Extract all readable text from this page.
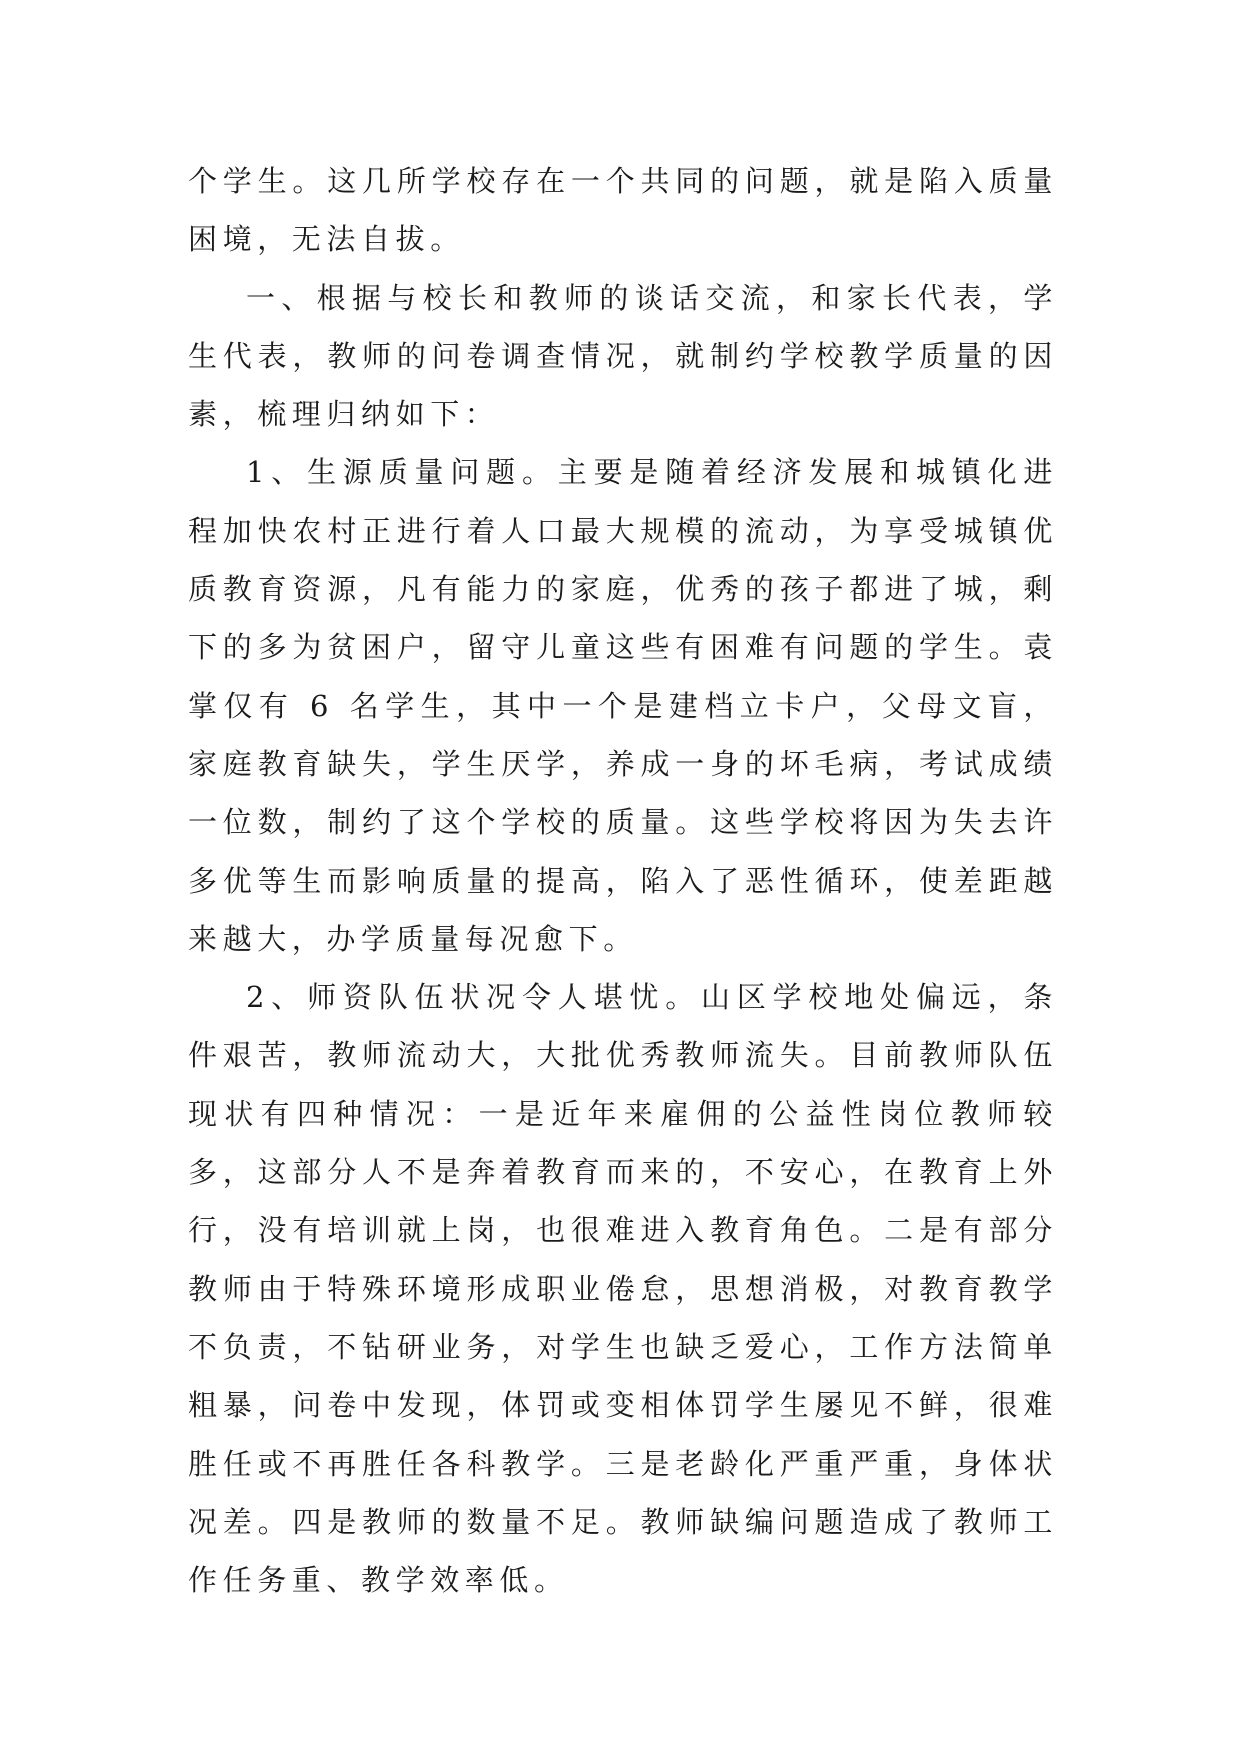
个学生。这几所学校存在一个共同的问题，就是陷入质量困境，无法自拔。

一、根据与校长和教师的谈话交流，和家长代表，学生代表，教师的问卷调查情况，就制约学校教学质量的因素，梳理归纳如下：

1、生源质量问题。主要是随着经济发展和城镇化进程加快农村正进行着人口最大规模的流动，为享受城镇优质教育资源，凡有能力的家庭，优秀的孩子都进了城，剩下的多为贫困户，留守儿童这些有困难有问题的学生。袁掌仅有 6 名学生，其中一个是建档立卡户，父母文盲，家庭教育缺失，学生厌学，养成一身的坏毛病，考试成绩一位数，制约了这个学校的质量。这些学校将因为失去许多优等生而影响质量的提高，陷入了恶性循环，使差距越来越大，办学质量每况愈下。

2、师资队伍状况令人堪忧。山区学校地处偏远，条件艰苦，教师流动大，大批优秀教师流失。目前教师队伍现状有四种情况：一是近年来雇佣的公益性岗位教师较多，这部分人不是奔着教育而来的，不安心，在教育上外行，没有培训就上岗，也很难进入教育角色。二是有部分教师由于特殊环境形成职业倦怠，思想消极，对教育教学不负责，不钻研业务，对学生也缺乏爱心，工作方法简单粗暴，问卷中发现，体罚或变相体罚学生屡见不鲜，很难胜任或不再胜任各科教学。三是老龄化严重严重，身体状况差。四是教师的数量不足。教师缺编问题造成了教师工作任务重、教学效率低。
